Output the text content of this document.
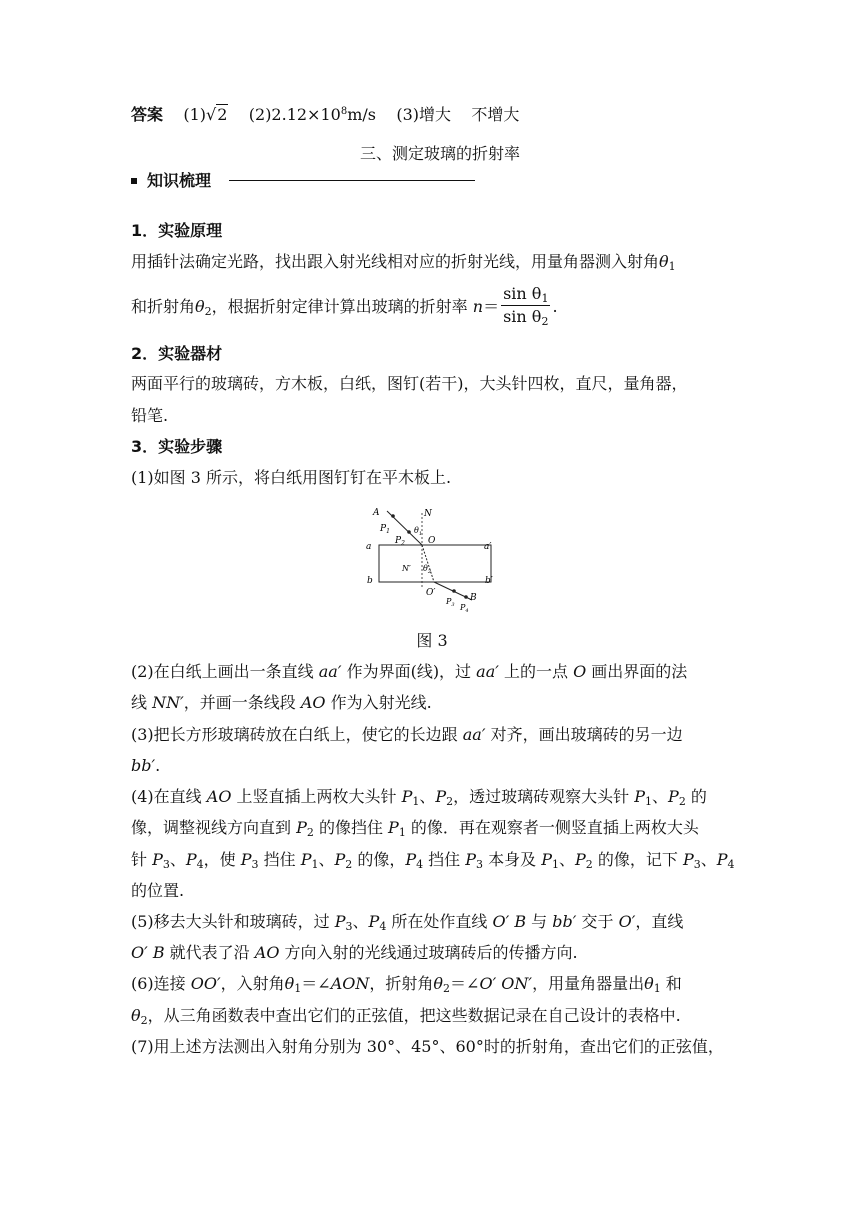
答案 (1)√2 $(2)2.12\times 10^8m/s$ (3)增大 不增大
三、测定玻璃的折射率
知识梳理
1．实验原理
用插针法确定光路，找出跟入射光线相对应的折射光线，用量角器测入射角$\theta_1$
和折射角$\theta_2$，根据折射定律计算出玻璃的折射率 $n= \frac{\sin \theta_1}{\sin \theta_2}$ .
2．实验器材
两面平行的玻璃砖，方木板，白纸，图钉(若干)，大头针四枚，直尺，量角器，
铅笔.
3．实验步骤
(1)如图 3 所示，将白纸用图钉钉在平木板上.
A	N
$P_1$	$\theta_1$
$P_2$	O
a	a′
N′ $\theta_2$
b	b′
O′
$P_3$
B
$P_4$
图 3
(2)在白纸上画出一条直线 aa′ 作为界面(线)，过 aa′ 上的一点 O 画出界面的法
线 NN′，并画一条线段 AO 作为入射光线.
(3)把长方形玻璃砖放在白纸上，使它的长边跟 aa′ 对齐，画出玻璃砖的另一边
bb′.
(4)在直线 AO 上竖直插上两枚大头针 $P_1$、$P_2$，透过玻璃砖观察大头针 $P_1$、$P_2$ 的
像，调整视线方向直到 $P_2$ 的像挡住 $P_1$ 的像．再在观察者一侧竖直插上两枚大头
针 $P_3$、$P_4$，使 $P_3$ 挡住 $P_1$、$P_2$ 的像，$P_4$ 挡住 $P_3$ 本身及 $P_1$、$P_2$ 的像，记下 $P_3$、$P_4$
的位置.
(5)移去大头针和玻璃砖，过 $P_3$、$P_4$ 所在处作直线 O′ B 与 bb′ 交于 O′，直线
O′ B 就代表了沿 AO 方向入射的光线通过玻璃砖后的传播方向.
(6)连接 OO′，入射角$\theta_1=\angle AON$，折射角$\theta_2=\angle O'$ ON′，用量角器量出$\theta_1$ 和
$\theta_2$，从三角函数表中查出它们的正弦值，把这些数据记录在自己设计的表格中.
(7)用上述方法测出入射角分别为 30°、45°、60°时的折射角，查出它们的正弦值，
